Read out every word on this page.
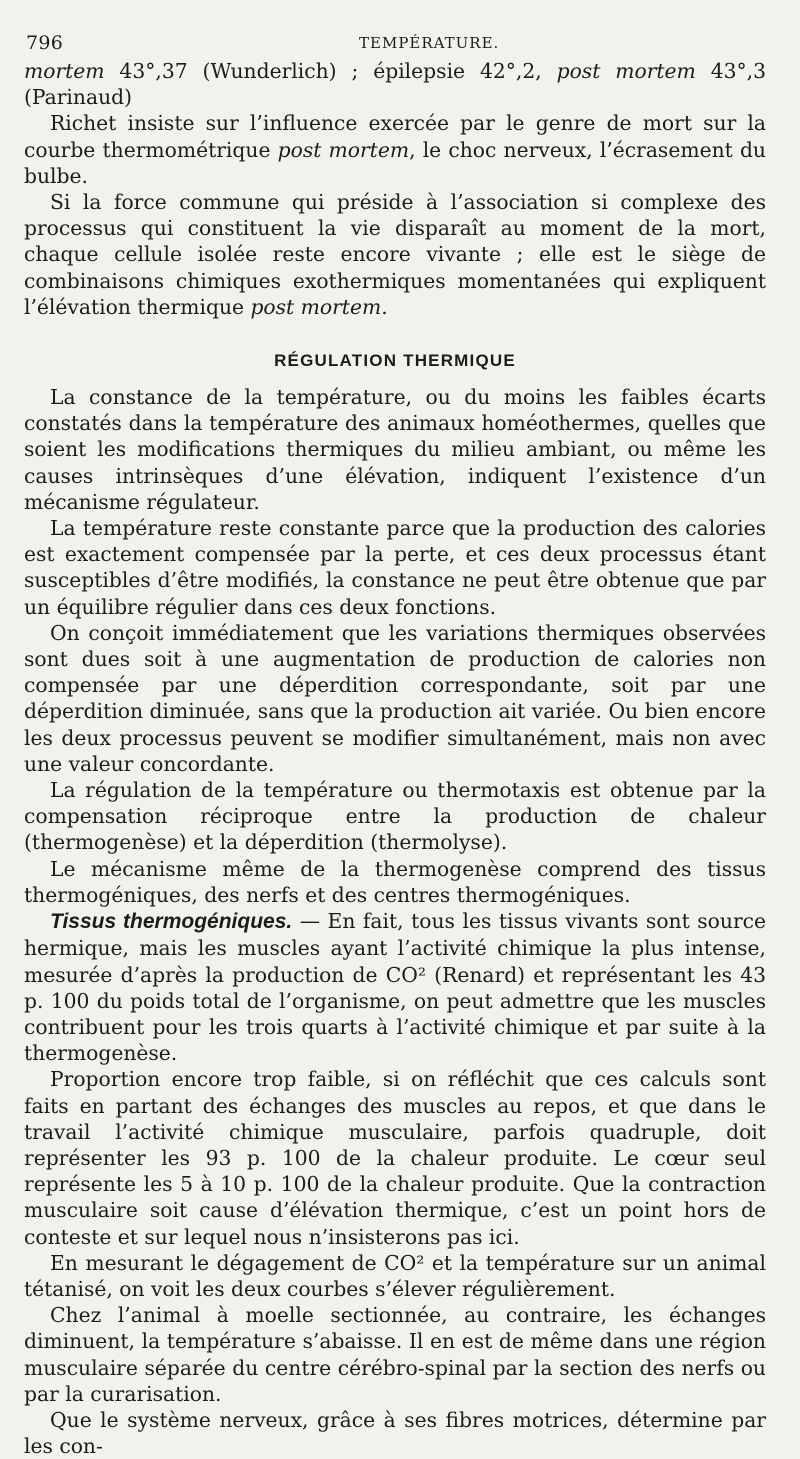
796	TEMPÉRATURE.

mortem 43°,37 (Wunderlich) ; épilepsie 42°,2, post mortem 43°,3 (Parinaud)

Richet insiste sur l’influence exercée par le genre de mort sur la courbe thermométrique post mortem, le choc nerveux, l’écrasement du bulbe.

Si la force commune qui préside à l’association si complexe des processus qui constituent la vie disparaît au moment de la mort, chaque cellule isolée reste encore vivante ; elle est le siège de combinaisons chimiques exothermiques momentanées qui expliquent l’élévation thermique post mortem.

RÉGULATION THERMIQUE

La constance de la température, ou du moins les faibles écarts constatés dans la température des animaux homéothermes, quelles que soient les modifications thermiques du milieu ambiant, ou même les causes intrinsèques d’une élévation, indiquent l’existence d’un mécanisme régulateur.

La température reste constante parce que la production des calories est exactement compensée par la perte, et ces deux processus étant susceptibles d’être modifiés, la constance ne peut être obtenue que par un équilibre régulier dans ces deux fonctions.

On conçoit immédiatement que les variations thermiques observées sont dues soit à une augmentation de production de calories non compensée par une déperdition correspondante, soit par une déperdition diminuée, sans que la production ait variée. Ou bien encore les deux processus peuvent se modifier simultanément, mais non avec une valeur concordante.

La régulation de la température ou thermotaxis est obtenue par la compensation réciproque entre la production de chaleur (thermogenèse) et la déperdition (thermolyse).

Le mécanisme même de la thermogenèse comprend des tissus thermogéniques, des nerfs et des centres thermogéniques.

Tissus thermogéniques. — En fait, tous les tissus vivants sont source hermique, mais les muscles ayant l’activité chimique la plus intense, mesurée d’après la production de CO² (Renard) et représentant les 43 p. 100 du poids total de l’organisme, on peut admettre que les muscles contribuent pour les trois quarts à l’activité chimique et par suite à la thermogenèse.

Proportion encore trop faible, si on réfléchit que ces calculs sont faits en partant des échanges des muscles au repos, et que dans le travail l’activité chimique musculaire, parfois quadruple, doit représenter les 93 p. 100 de la chaleur produite. Le cœur seul représente les 5 à 10 p. 100 de la chaleur produite. Que la contraction musculaire soit cause d’élévation thermique, c’est un point hors de conteste et sur lequel nous n’insisterons pas ici.

En mesurant le dégagement de CO² et la température sur un animal tétanisé, on voit les deux courbes s’élever régulièrement.

Chez l’animal à moelle sectionnée, au contraire, les échanges diminuent, la température s’abaisse. Il en est de même dans une région musculaire séparée du centre cérébro-spinal par la section des nerfs ou par la curarisation.

Que le système nerveux, grâce à ses fibres motrices, détermine par les con-
